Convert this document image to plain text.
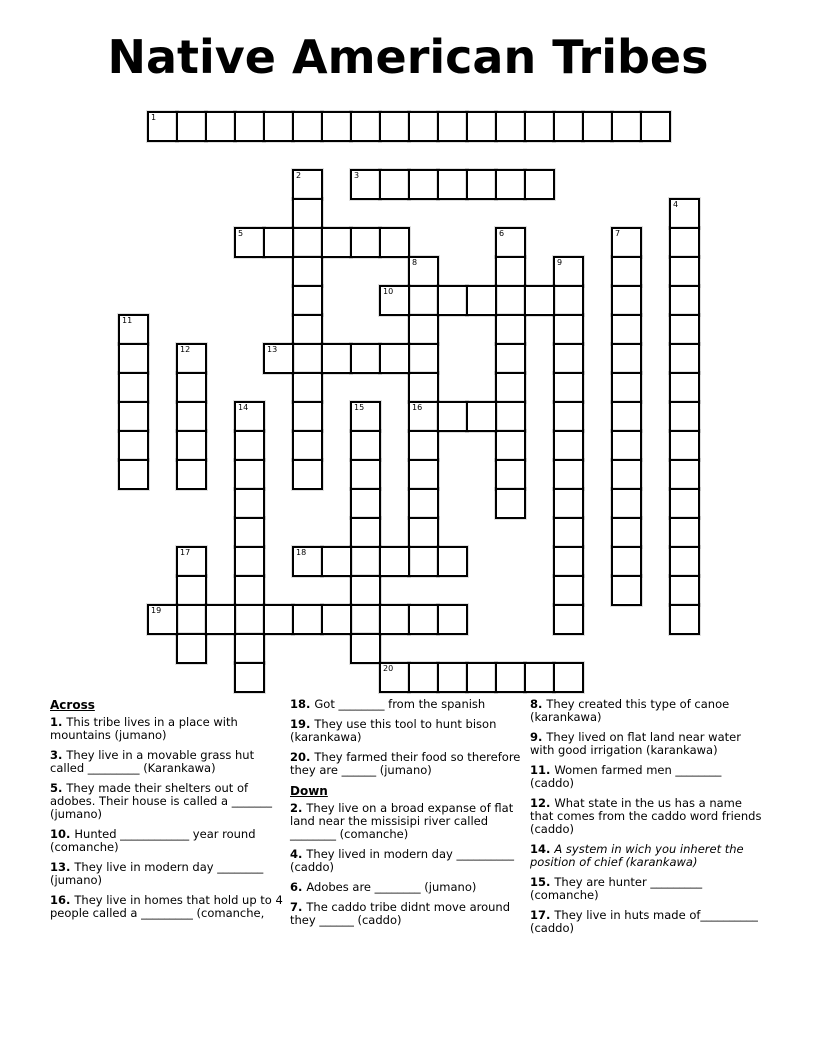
Native American Tribes
1
2	3
4
5	6	7
8
16
9
10
11
12	13
14	15
17	18
19
20
Across
1. This tribe lives in a place with mountains (jumano)
3. They live in a movable grass hut called _________ (Karankawa)
5. They made their shelters out of adobes. Their house is called a _______ (jumano)
10. Hunted ____________ year round (comanche)
13. They live in modern day ________ (jumano)
16. They live in homes that hold up to 4 people called a _________ (comanche,
18. Got ________ from the spanish
19. They use this tool to hunt bison (karankawa)
20. They farmed their food so therefore they are ______ (jumano)
Down
2. They live on a broad expanse of flat land near the missisipi river called ________ (comanche)
4. They lived in modern day __________ (caddo)
6. Adobes are ________ (jumano)
7. The caddo tribe didnt move around they ______ (caddo)
8. They created this type of canoe (karankawa)
9. They lived on flat land near water with good irrigation (karankawa)
11. Women farmed men ________ (caddo)
12. What state in the us has a name that comes from the caddo word friends (caddo)
14. A system in wich you inheret the position of chief (karankawa)
15. They are hunter _________ (comanche)
17. They live in huts made of__________ (caddo)
